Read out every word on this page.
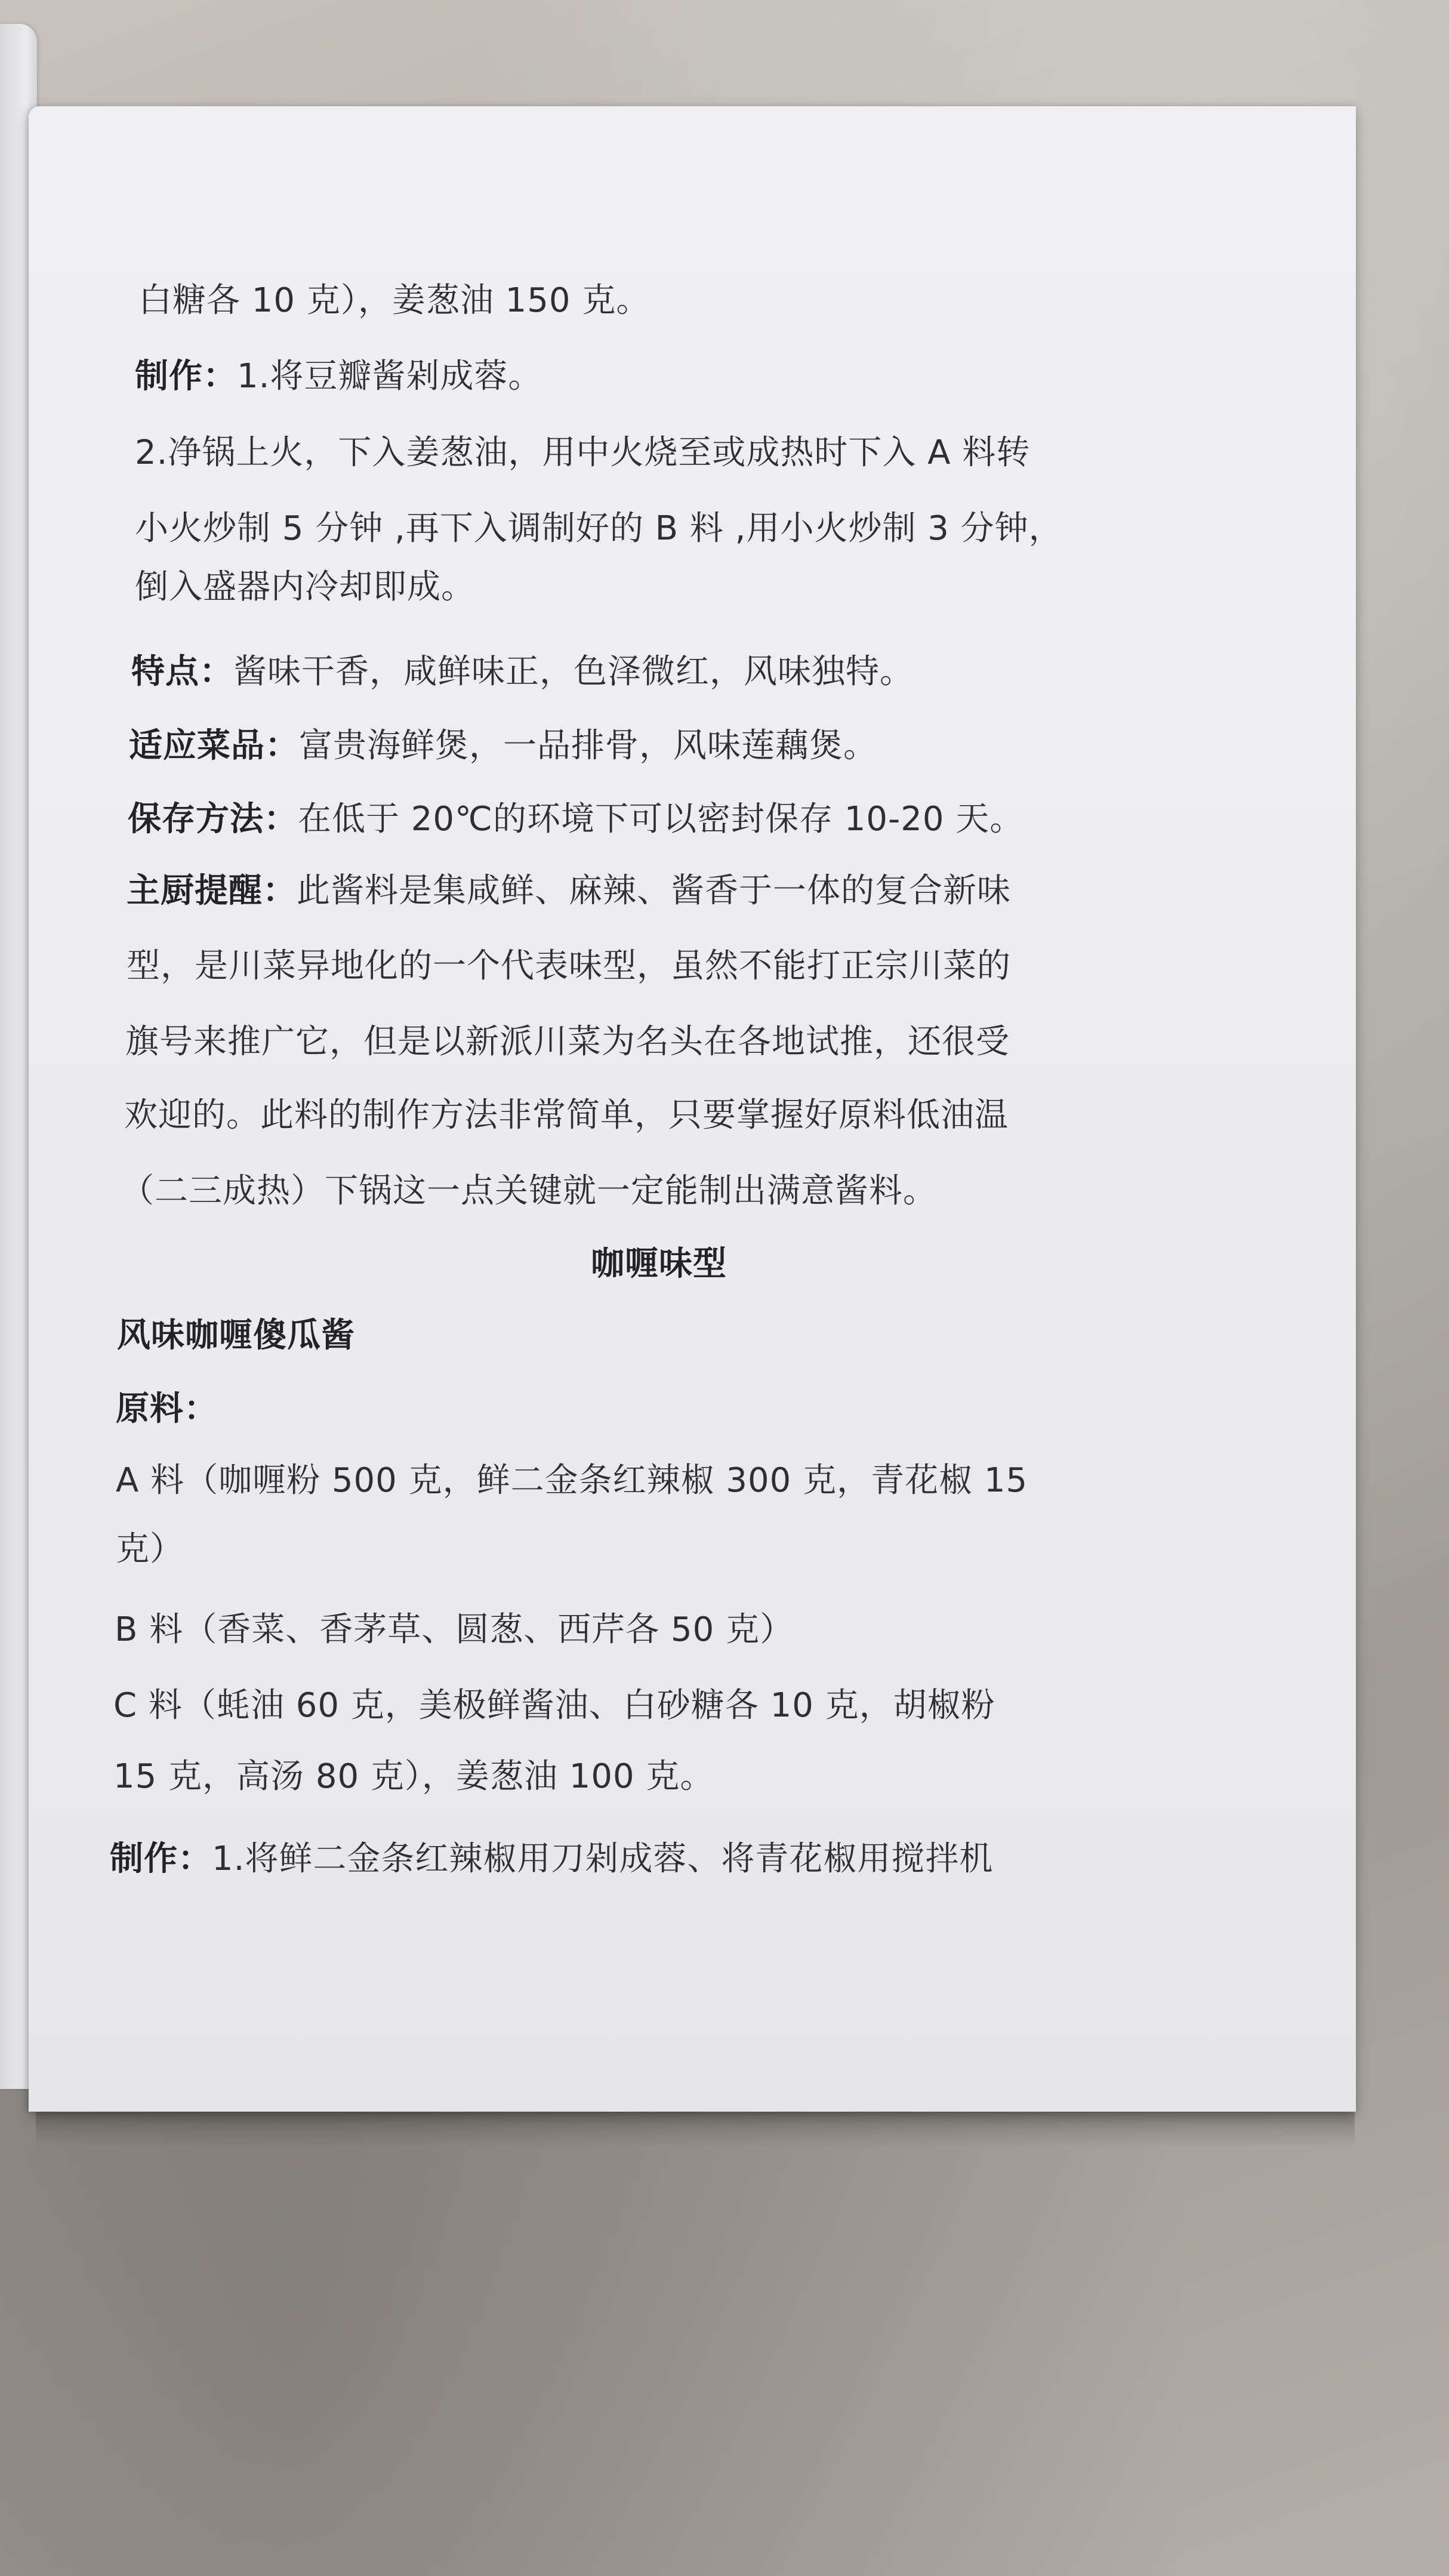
白糖各 10 克），姜葱油 150 克。
制作：1.将豆瓣酱剁成蓉。
2.净锅上火，下入姜葱油，用中火烧至或成热时下入 A 料转
小火炒制 5 分钟 ,再下入调制好的 B 料 ,用小火炒制 3 分钟，
倒入盛器内冷却即成。
特点：酱味干香，咸鲜味正，色泽微红，风味独特。
适应菜品：富贵海鲜煲，一品排骨，风味莲藕煲。
保存方法：在低于 20℃的环境下可以密封保存 10-20 天。
主厨提醒：此酱料是集咸鲜、麻辣、酱香于一体的复合新味
型，是川菜异地化的一个代表味型，虽然不能打正宗川菜的
旗号来推广它，但是以新派川菜为名头在各地试推，还很受
欢迎的。此料的制作方法非常简单，只要掌握好原料低油温
（二三成热）下锅这一点关键就一定能制出满意酱料。
咖喱味型
风味咖喱傻瓜酱
原料：
A 料（咖喱粉 500 克，鲜二金条红辣椒 300 克，青花椒 15
克）
B 料（香菜、香茅草、圆葱、西芹各 50 克）
C 料（蚝油 60 克，美极鲜酱油、白砂糖各 10 克，胡椒粉
15 克，高汤 80 克），姜葱油 100 克。
制作：1.将鲜二金条红辣椒用刀剁成蓉、将青花椒用搅拌机
